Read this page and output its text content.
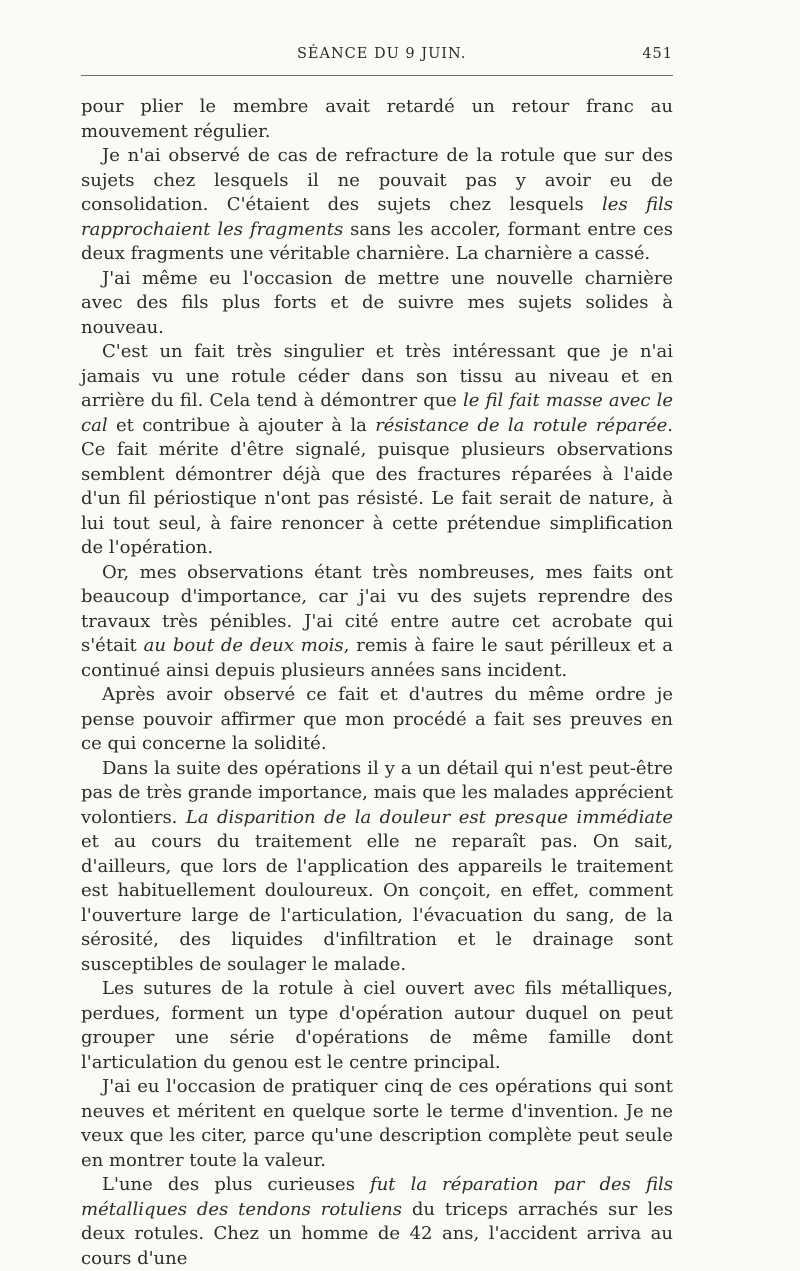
SÉANCE DU 9 JUIN.	451

pour plier le membre avait retardé un retour franc au mouvement régulier.

Je n'ai observé de cas de refracture de la rotule que sur des sujets chez lesquels il ne pouvait pas y avoir eu de consolidation. C'étaient des sujets chez lesquels les fils rapprochaient les fragments sans les accoler, formant entre ces deux fragments une véritable charnière. La charnière a cassé.

J'ai même eu l'occasion de mettre une nouvelle charnière avec des fils plus forts et de suivre mes sujets solides à nouveau.

C'est un fait très singulier et très intéressant que je n'ai jamais vu une rotule céder dans son tissu au niveau et en arrière du fil. Cela tend à démontrer que le fil fait masse avec le cal et contribue à ajouter à la résistance de la rotule réparée. Ce fait mérite d'être signalé, puisque plusieurs observations semblent démontrer déjà que des fractures réparées à l'aide d'un fil périostique n'ont pas résisté. Le fait serait de nature, à lui tout seul, à faire renoncer à cette prétendue simplification de l'opération.

Or, mes observations étant très nombreuses, mes faits ont beaucoup d'importance, car j'ai vu des sujets reprendre des travaux très pénibles. J'ai cité entre autre cet acrobate qui s'était au bout de deux mois, remis à faire le saut périlleux et a continué ainsi depuis plusieurs années sans incident.

Après avoir observé ce fait et d'autres du même ordre je pense pouvoir affirmer que mon procédé a fait ses preuves en ce qui concerne la solidité.

Dans la suite des opérations il y a un détail qui n'est peut-être pas de très grande importance, mais que les malades apprécient volontiers. La disparition de la douleur est presque immédiate et au cours du traitement elle ne reparaît pas. On sait, d'ailleurs, que lors de l'application des appareils le traitement est habituellement douloureux. On conçoit, en effet, comment l'ouverture large de l'articulation, l'évacuation du sang, de la sérosité, des liquides d'infiltration et le drainage sont susceptibles de soulager le malade.

Les sutures de la rotule à ciel ouvert avec fils métalliques, perdues, forment un type d'opération autour duquel on peut grouper une série d'opérations de même famille dont l'articulation du genou est le centre principal.

J'ai eu l'occasion de pratiquer cinq de ces opérations qui sont neuves et méritent en quelque sorte le terme d'invention. Je ne veux que les citer, parce qu'une description complète peut seule en montrer toute la valeur.

L'une des plus curieuses fut la réparation par des fils métalliques des tendons rotuliens du triceps arrachés sur les deux rotules. Chez un homme de 42 ans, l'accident arriva au cours d'une
